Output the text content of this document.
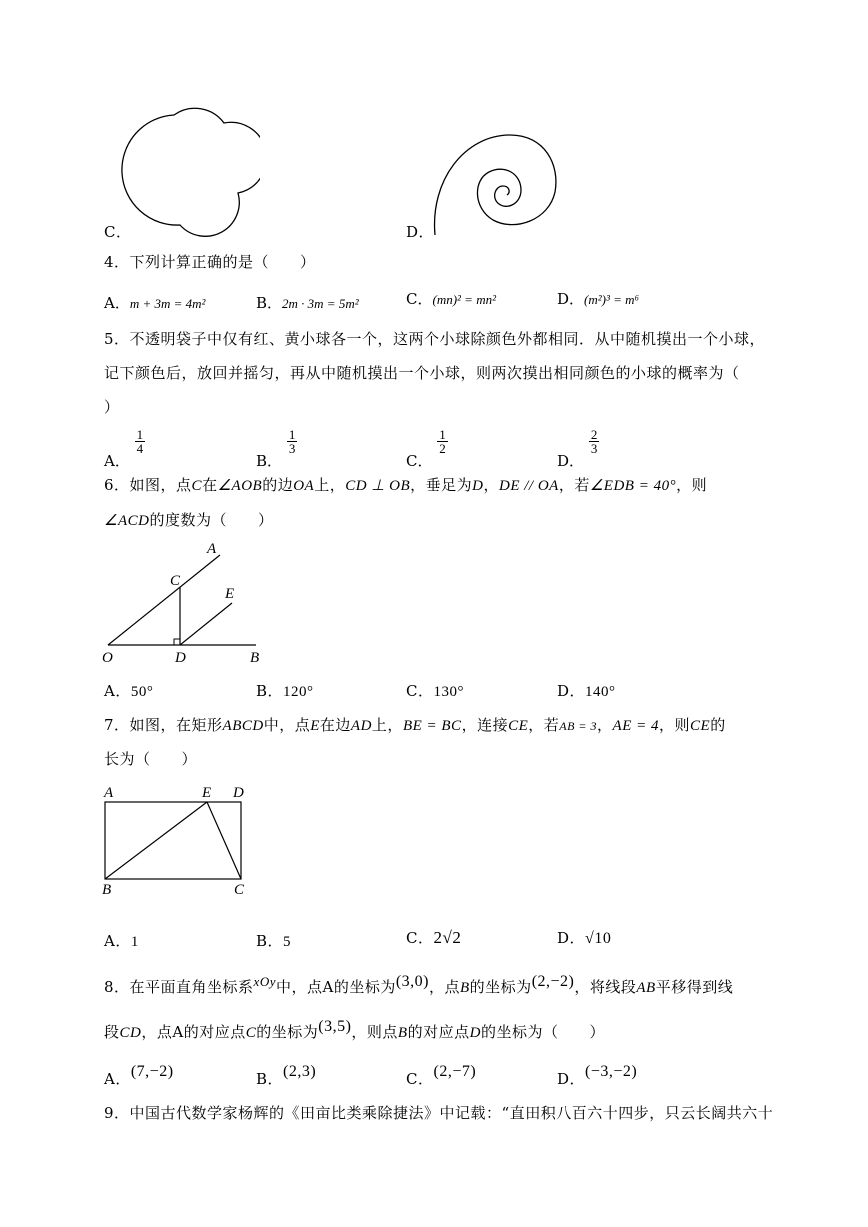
C．	D．
4．下列计算正确的是（　　）
A．m + 3m = 4m²	B．2m · 3m = 5m²	C．(mn)² = mn²	D．(m²)³ = m⁶
5．不透明袋子中仅有红、黄小球各一个，这两个小球除颜色外都相同．从中随机摸出一个小球，
记下颜色后，放回并摇匀，再从中随机摸出一个小球，则两次摸出相同颜色的小球的概率为（
）
A．
$\frac{1}{4}$
B．
$\frac{1}{3}$
C．
$\frac{1}{2}$
D．
$\frac{2}{3}$
6．如图，点C在∠AOB的边OA上，CD ⊥ OB，垂足为D，DE // OA，若∠EDB = 40°，则
∠ACD的度数为（　　）
A
C
E
O	D	B
A．50°	B．120°	C．130°	D．140°
7．如图，在矩形ABCD中，点E在边AD上，BE = BC，连接CE，若AB = 3，AE = 4，则CE的
长为（　　）
A	E D
B	C
A．1	B．5	C．2√2	D．√10
8．在平面直角坐标系xOy中，点A的坐标为(3,0)，点B的坐标为(2,−2)，将线段AB平移得到线
段CD，点A的对应点C的坐标为(3,5)，则点B的对应点D的坐标为（　　）
A．(7,−2)	B．(2,3)	C．(2,−7)	D．(−3,−2)
9．中国古代数学家杨辉的《田亩比类乘除捷法》中记载：“直田积八百六十四步，只云长阔共六十
